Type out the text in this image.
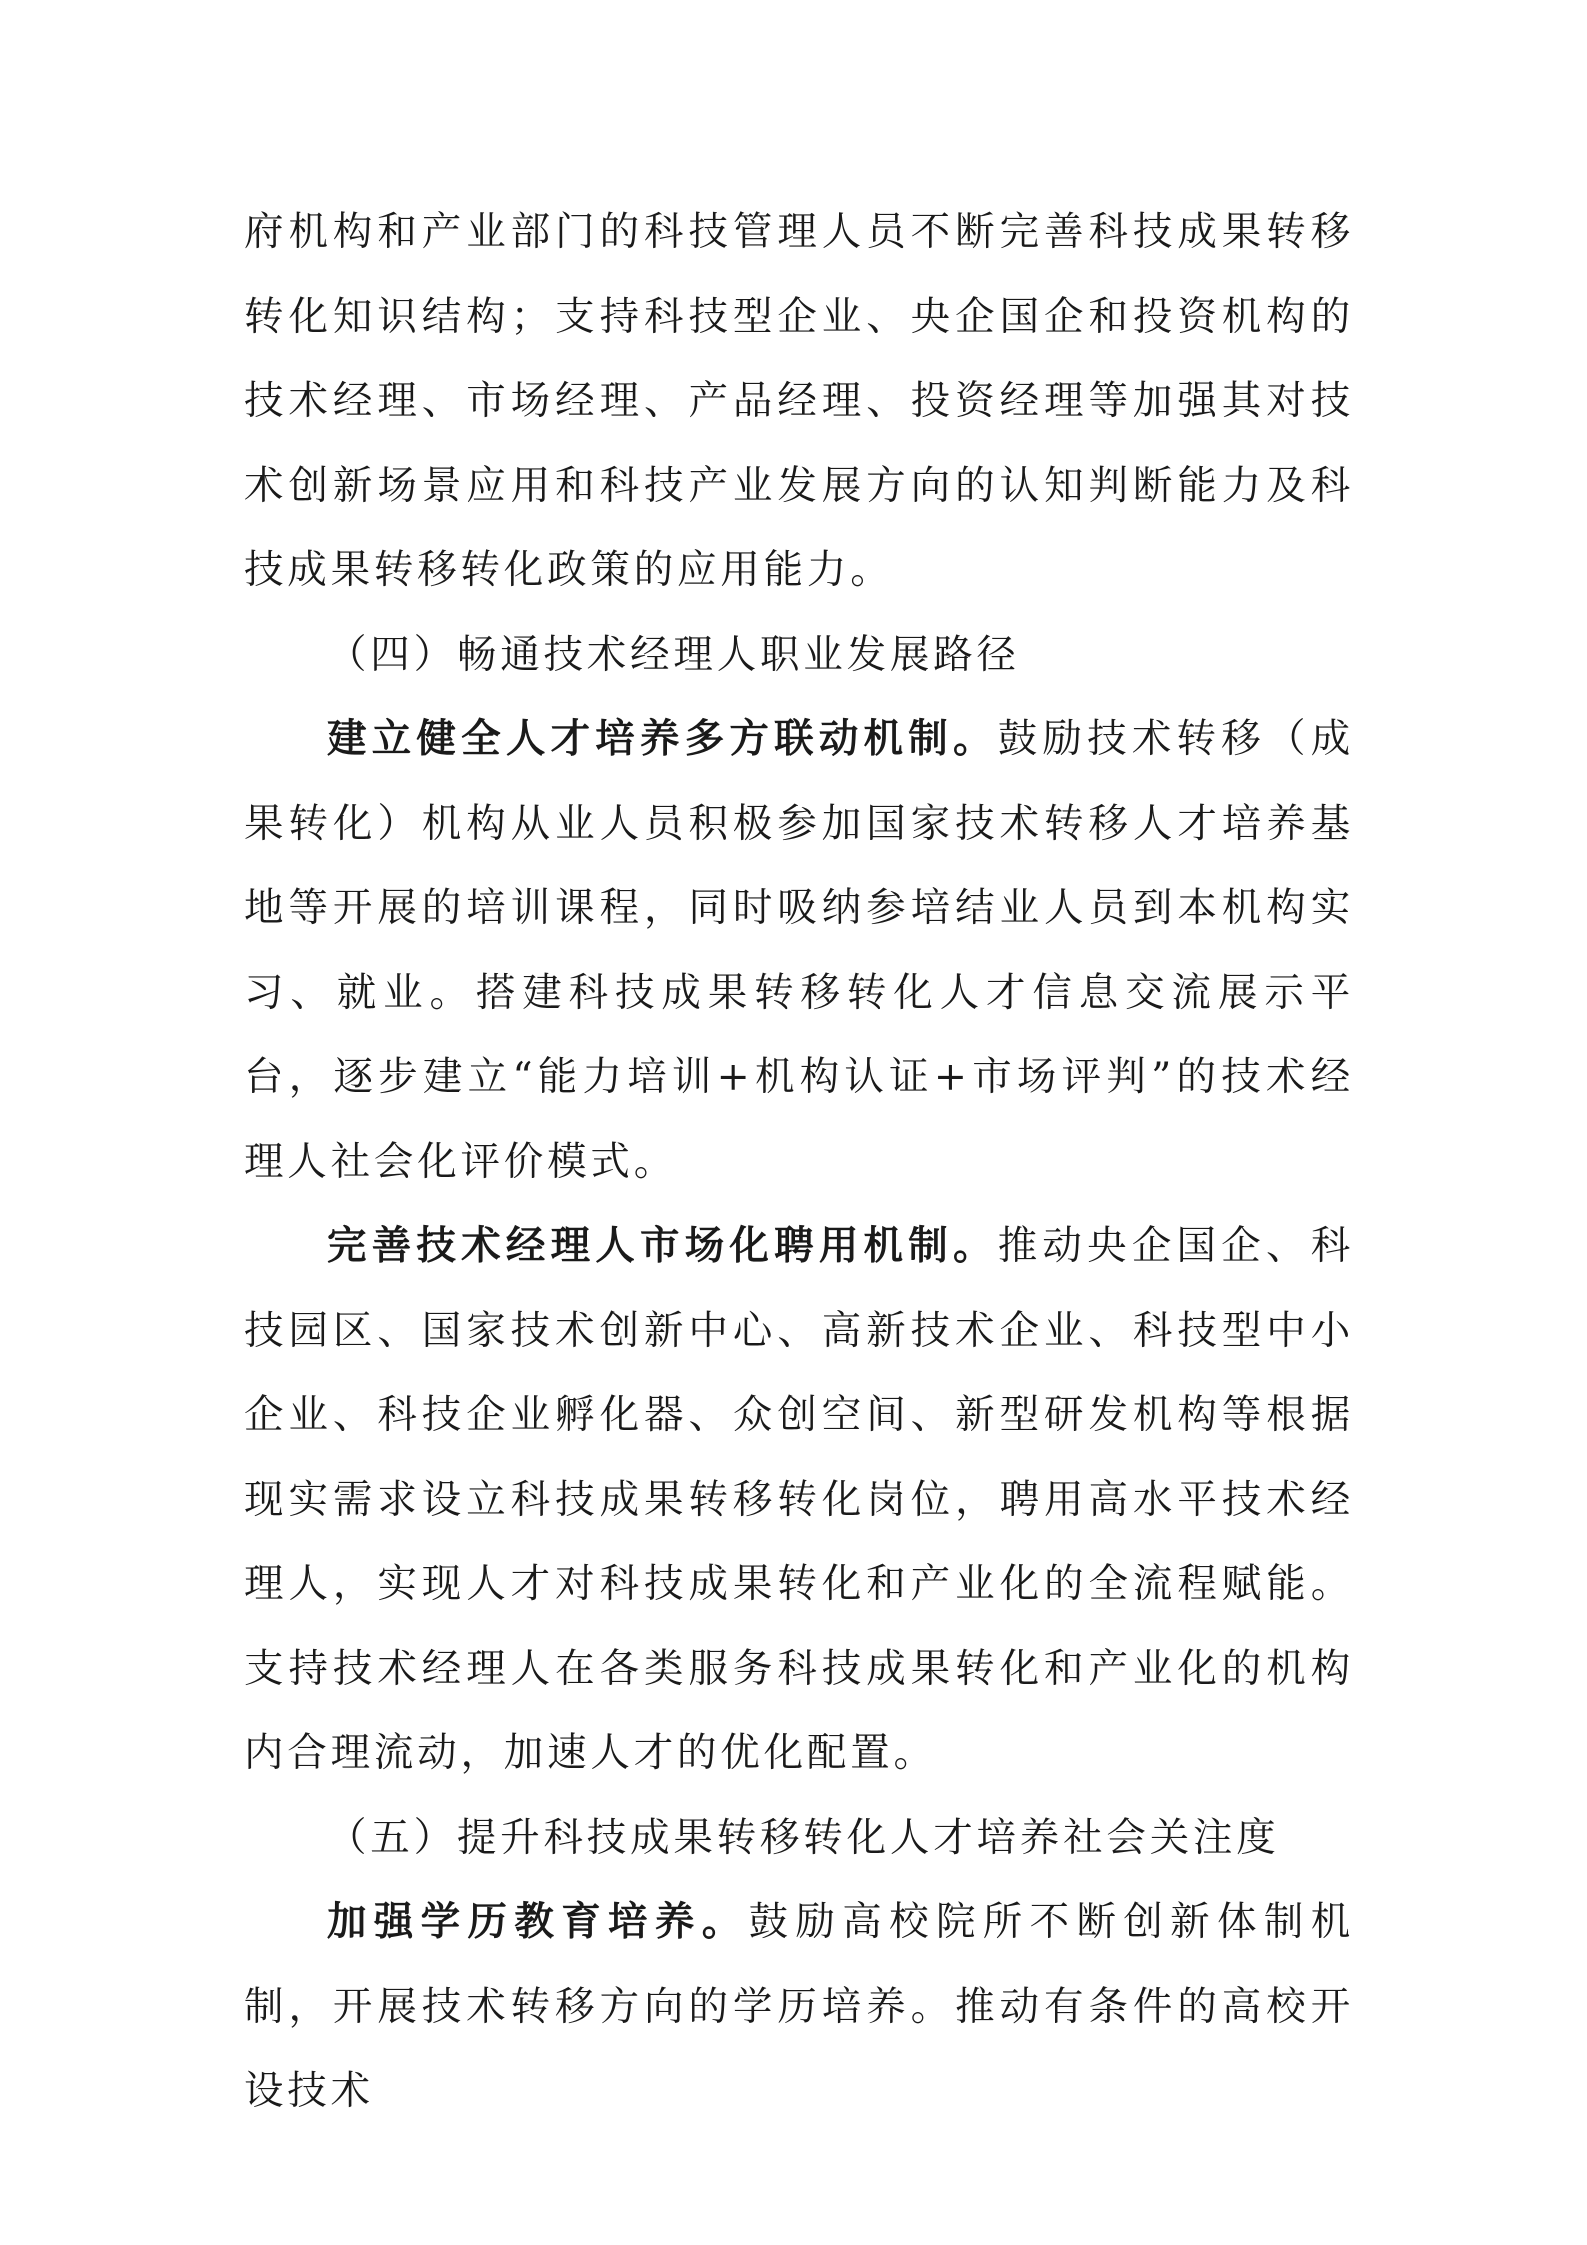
府机构和产业部门的科技管理人员不断完善科技成果转移转化知识结构；支持科技型企业、央企国企和投资机构的技术经理、市场经理、产品经理、投资经理等加强其对技术创新场景应用和科技产业发展方向的认知判断能力及科技成果转移转化政策的应用能力。

（四）畅通技术经理人职业发展路径

建立健全人才培养多方联动机制。鼓励技术转移（成果转化）机构从业人员积极参加国家技术转移人才培养基地等开展的培训课程，同时吸纳参培结业人员到本机构实习、就业。搭建科技成果转移转化人才信息交流展示平台，逐步建立“能力培训+机构认证+市场评判”的技术经理人社会化评价模式。

完善技术经理人市场化聘用机制。推动央企国企、科技园区、国家技术创新中心、高新技术企业、科技型中小企业、科技企业孵化器、众创空间、新型研发机构等根据现实需求设立科技成果转移转化岗位，聘用高水平技术经理人，实现人才对科技成果转化和产业化的全流程赋能。支持技术经理人在各类服务科技成果转化和产业化的机构内合理流动，加速人才的优化配置。

（五）提升科技成果转移转化人才培养社会关注度

加强学历教育培养。鼓励高校院所不断创新体制机制，开展技术转移方向的学历培养。推动有条件的高校开设技术
